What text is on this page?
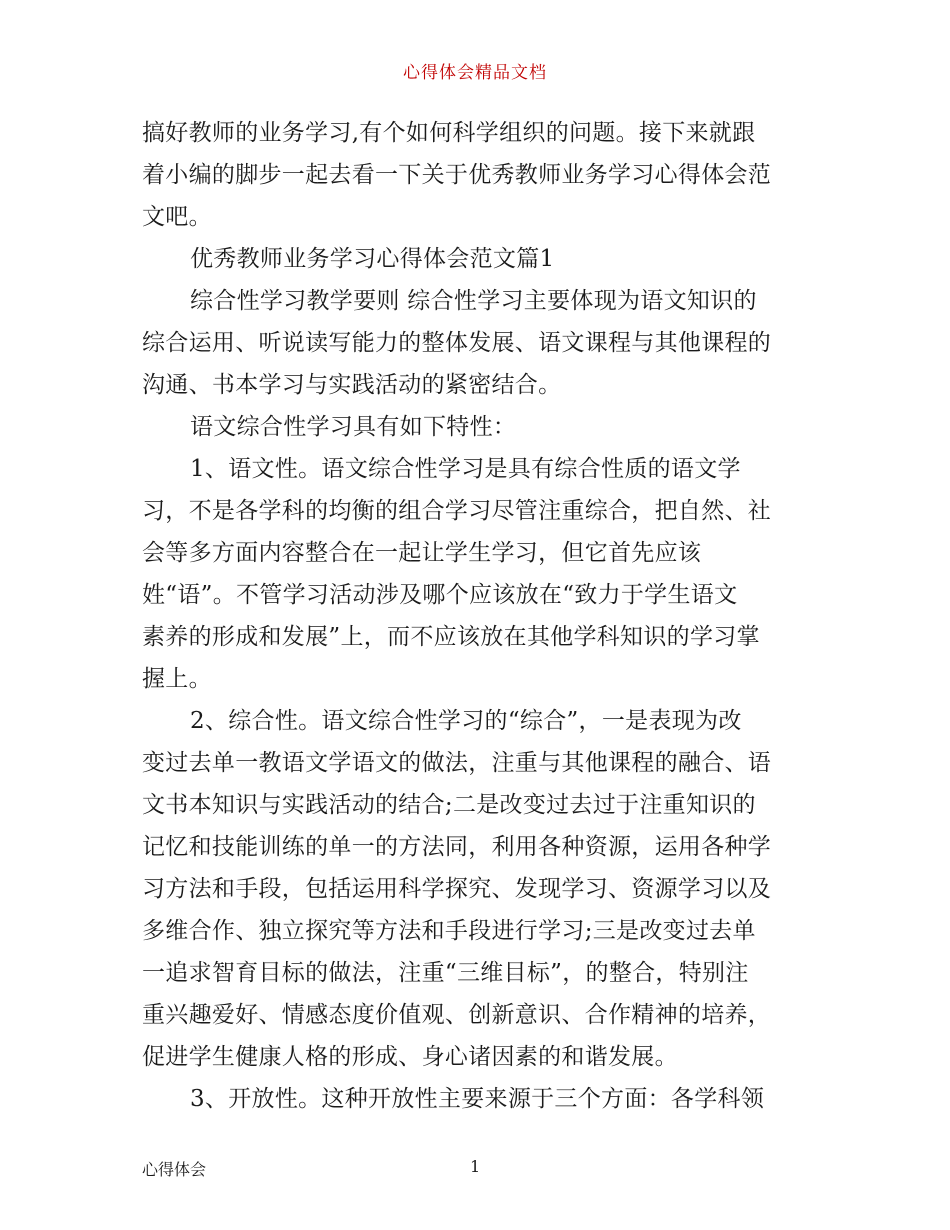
心得体会精品文档
搞好教师的业务学习,有个如何科学组织的问题。接下来就跟
着小编的脚步一起去看一下关于优秀教师业务学习心得体会范
文吧。
优秀教师业务学习心得体会范文篇1
综合性学习教学要则 综合性学习主要体现为语文知识的
综合运用、听说读写能力的整体发展、语文课程与其他课程的
沟通、书本学习与实践活动的紧密结合。
语文综合性学习具有如下特性：
1、语文性。语文综合性学习是具有综合性质的语文学
习，不是各学科的均衡的组合学习尽管注重综合，把自然、社
会等多方面内容整合在一起让学生学习，但它首先应该
姓“语”。不管学习活动涉及哪个应该放在“致力于学生语文
素养的形成和发展”上，而不应该放在其他学科知识的学习掌
握上。
2、综合性。语文综合性学习的“综合”，一是表现为改
变过去单一教语文学语文的做法，注重与其他课程的融合、语
文书本知识与实践活动的结合;二是改变过去过于注重知识的
记忆和技能训练的单一的方法同，利用各种资源，运用各种学
习方法和手段，包括运用科学探究、发现学习、资源学习以及
多维合作、独立探究等方法和手段进行学习;三是改变过去单
一追求智育目标的做法，注重“三维目标”，的整合，特别注
重兴趣爱好、情感态度价值观、创新意识、合作精神的培养，
促进学生健康人格的形成、身心诸因素的和谐发展。
3、开放性。这种开放性主要来源于三个方面：各学科领
心得体会	1
